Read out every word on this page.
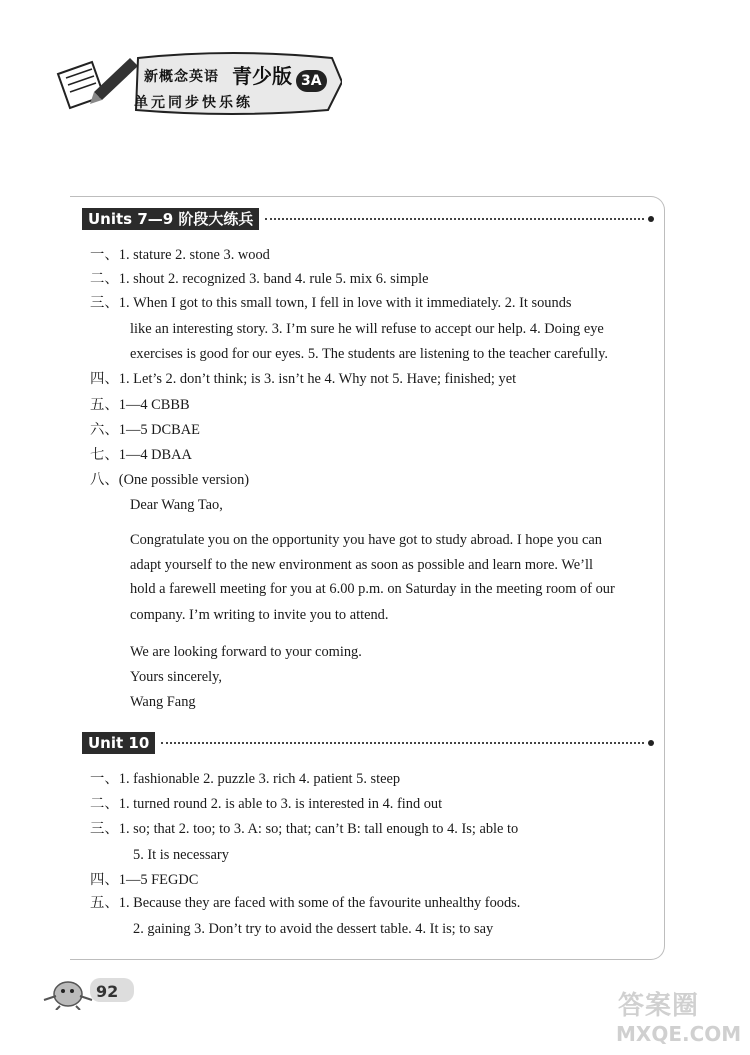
新概念英语 青少版
单元同步快乐练
3A
Units 7—9 阶段大练兵
一、1. stature 2. stone 3. wood
二、1. shout 2. recognized 3. band 4. rule 5. mix 6. simple
三、1. When I got to this small town, I fell in love with it immediately. 2. It sounds
like an interesting story. 3. I’m sure he will refuse to accept our help. 4. Doing eye
exercises is good for our eyes. 5. The students are listening to the teacher carefully.
四、1. Let’s 2. don’t think; is 3. isn’t he 4. Why not 5. Have; finished; yet
五、1—4 CBBB
六、1—5 DCBAE
七、1—4 DBAA
八、(One possible version)
Dear Wang Tao,
Congratulate you on the opportunity you have got to study abroad. I hope you can
adapt yourself to the new environment as soon as possible and learn more. We’ll
hold a farewell meeting for you at 6.00 p.m. on Saturday in the meeting room of our
company. I’m writing to invite you to attend.
We are looking forward to your coming.
Yours sincerely,
Wang Fang
Unit 10
一、1. fashionable 2. puzzle 3. rich 4. patient 5. steep
二、1. turned round 2. is able to 3. is interested in 4. find out
三、1. so; that 2. too; to 3. A: so; that; can’t B: tall enough to 4. Is; able to
5. It is necessary
四、1—5 FEGDC
五、1. Because they are faced with some of the favourite unhealthy foods.
2. gaining 3. Don’t try to avoid the dessert table. 4. It is; to say
92	答案圈
MXQE.COM
